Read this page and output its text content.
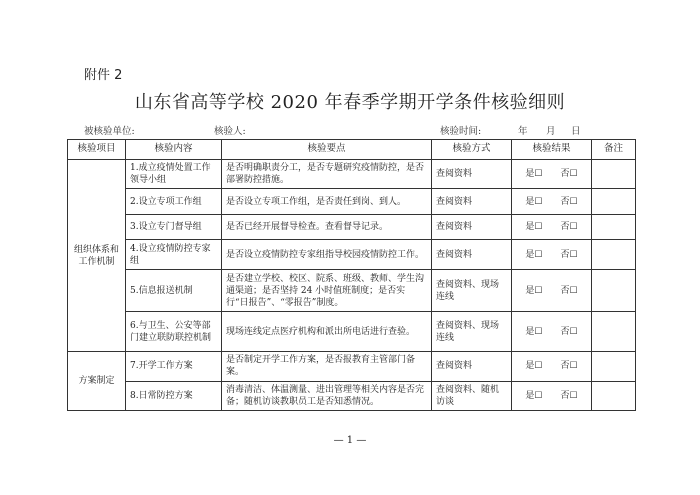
附件 2
山东省高等学校 2020 年春季学期开学条件核验细则
被核验单位:	核验人:	核验时间:	年 月 日
核验项目	核验内容	核验要点	核验方式	核验结果	备注
组织体系和工作机制	1.成立疫情处置工作领导小组	是否明确职责分工，是否专题研究疫情防控，是否部署防控措施。	查阅资料	是☐　　否☐	
	2.设立专项工作组	是否设立专项工作组，是否责任到岗、到人。	查阅资料	是☐　　否☐	
	3.设立专门督导组	是否已经开展督导检查。查看督导记录。	查阅资料	是☐　　否☐	
	4.设立疫情防控专家组	是否设立疫情防控专家组指导校园疫情防控工作。	查阅资料	是☐　　否☐	
	5.信息报送机制	是否建立学校、校区、院系、班级、教师、学生沟通渠道；是否坚持 24 小时值班制度；是否实行“日报告”、“零报告”制度。	查阅资料、现场连线	是☐　　否☐	
	6.与卫生、公安等部门建立联防联控机制	现场连线定点医疗机构和派出所电话进行查验。	查阅资料、现场连线	是☐　　否☐	
方案制定	7.开学工作方案	是否制定开学工作方案，是否报教育主管部门备案。	查阅资料	是☐　　否☐	
	8.日常防控方案	消毒清洁、体温测量、进出管理等相关内容是否完备；随机访谈教职员工是否知悉情况。	查阅资料、随机访谈	是☐　　否☐	
— 1 —
